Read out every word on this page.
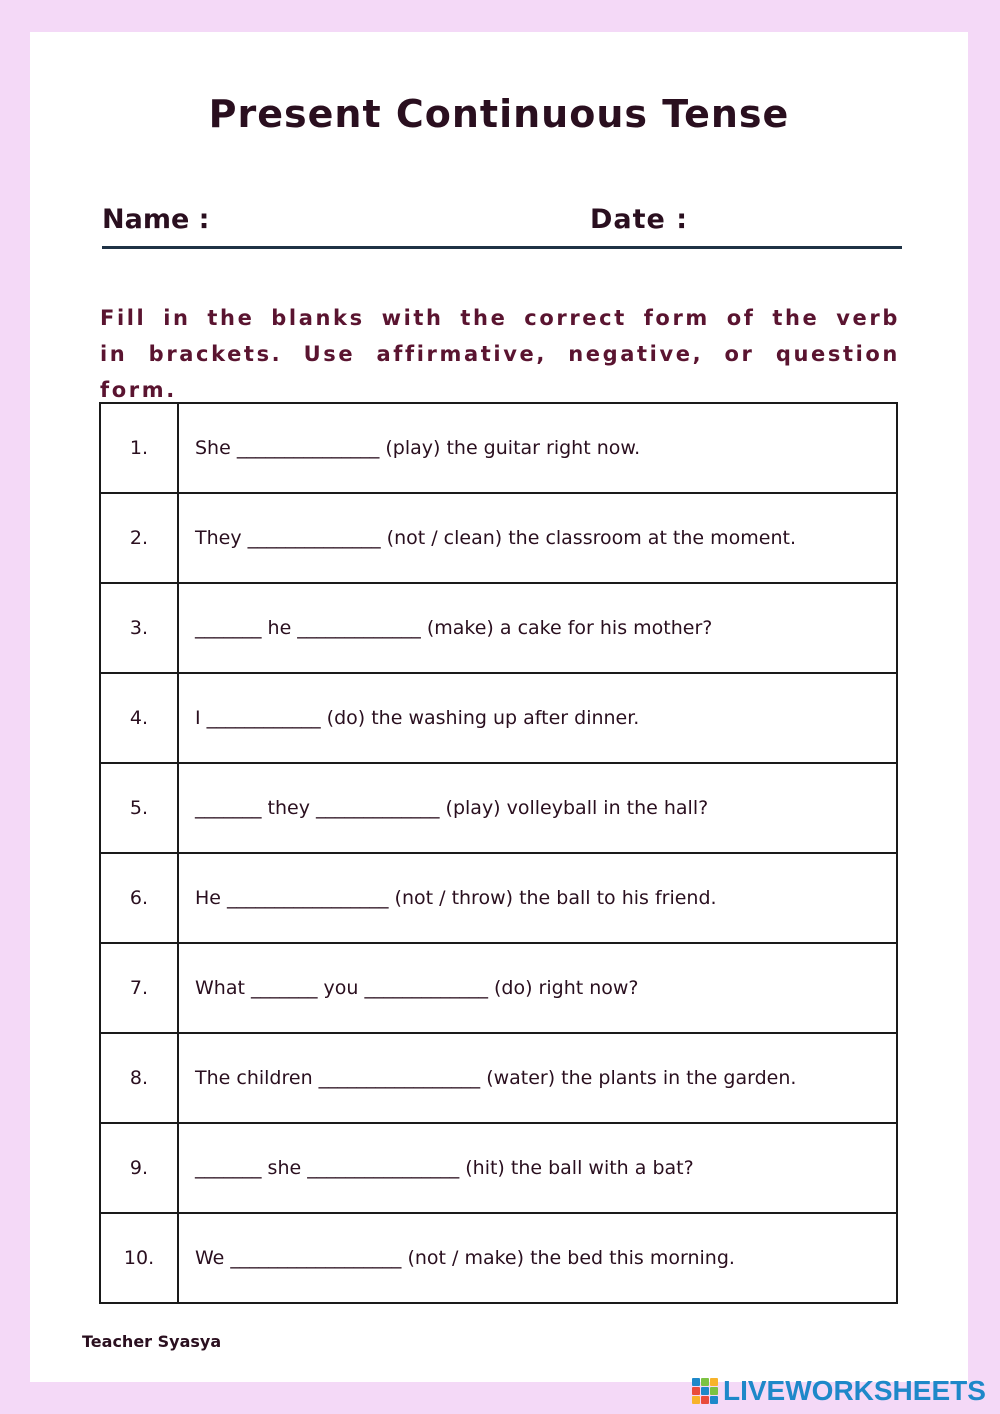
Present Continuous Tense
Name :	Date :
Fill in the blanks with the correct form of the verb in brackets. Use affirmative, negative, or question form.
1.	She _______________ (play) the guitar right now.
2.	They ______________ (not / clean) the classroom at the moment.
3.	_______ he _____________ (make) a cake for his mother?
4.	I ____________ (do) the washing up after dinner.
5.	_______ they _____________ (play) volleyball in the hall?
6.	He _________________ (not / throw) the ball to his friend.
7.	What _______ you _____________ (do) right now?
8.	The children _________________ (water) the plants in the garden.
9.	_______ she ________________ (hit) the ball with a bat?
10.	We __________________ (not / make) the bed this morning.
Teacher Syasya
LIVEWORKSHEETS
